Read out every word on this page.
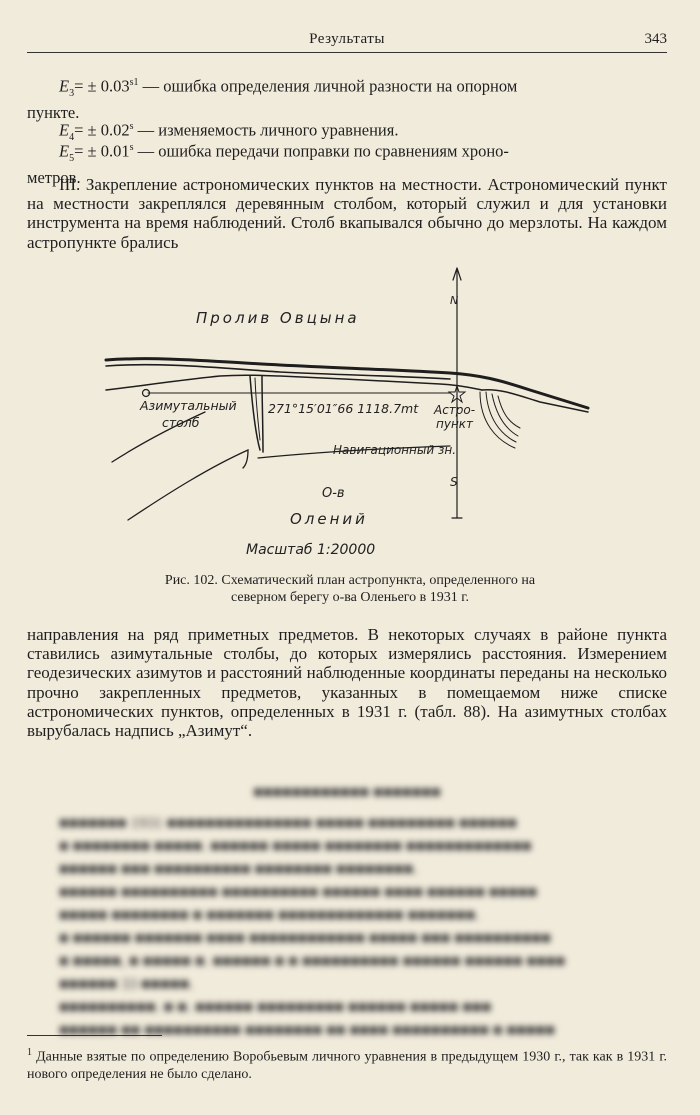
Результаты	343
$E_3= \pm 0.03^{s1}$ — ошибка определения личной разности на опорном
пункте.
$E_4= \pm 0.02^s$ — изменяемость личного уравнения.
$E_5= \pm 0.01^s$ — ошибка передачи поправки по сравнениям хроно-
метров.
III. Закрепление астрономических пунктов на местности. Астрономический пункт на местности закреплялся деревянным столбом, который служил и для установки инструмента на время наблюдений. Столб вкапывался обычно до мерзлоты. На каждом астропункте брались
Пролив Овцына
N
S
Азимутальный
столб
271°15′01″66 1118.7mt Астро-
пункт
Навигационный зн.
О-в
Олений
Масштаб 1:20000
Рис. 102. Схематический план астропункта, определенного на
северном берегу о-ва Оленьего в 1931 г.
направления на ряд приметных предметов. В некоторых случаях в районе пункта ставились азимутальные столбы, до которых измерялись расстояния. Измерением геодезических азимутов и расстояний наблюденные координаты переданы на несколько прочно закрепленных предметов, указанных в помещаемом ниже списке астрономических пунктов, определенных в 1931 г. (табл. 88). На азимутных столбах вырубалась надпись „Азимут“.
■■■■■■■■■■■■ ■■■■■■■

■■■■■■■ 1931 ■■■■■■■■■■■■■■■ ■■■■■ ■■■■■■■■■ ■■■■■■

■ ■■■■■■■■ ■■■■■. ■■■■■■ ■■■■■ ■■■■■■■■ ■■■■■■■■■■■■■

■■■■■■ ■■■ ■■■■■■■■■■ ■■■■■■■■ ■■■■■■■■.

■■■■■■ ■■■■■■■■■■ ■■■■■■■■■■ ■■■■■■ ■■■■ ■■■■■■ ■■■■■

■■■■■ ■■■■■■■■ ■ ■■■■■■■ ■■■■■■■■■■■■■ ■■■■■■■.

■ ■■■■■■ ■■■■■■■ ■■■■ ■■■■■■■■■■■■ ■■■■■ ■■■ ■■■■■■■■■■

■ ■■■■■, ■ ■■■■■ ■. ■■■■■■ ■ ■ ■■■■■■■■■■ ■■■■■■ ■■■■■■ ■■■■

■■■■■■ 33 ■■■■■.

■■■■■■■■■■. ■ ■. ■■■■■■ ■■■■■■■■■ ■■■■■■ ■■■■■ ■■■

■■■■■■ ■■ ■■■■■■■■■■ ■■■■■■■■ ■■ ■■■■ ■■■■■■■■■■ ■ ■■■■■

$^1$ Данные взятые по определению Воробьевым личного уравнения в предыдущем 1930 г., так как в 1931 г. нового определения не было сделано.
